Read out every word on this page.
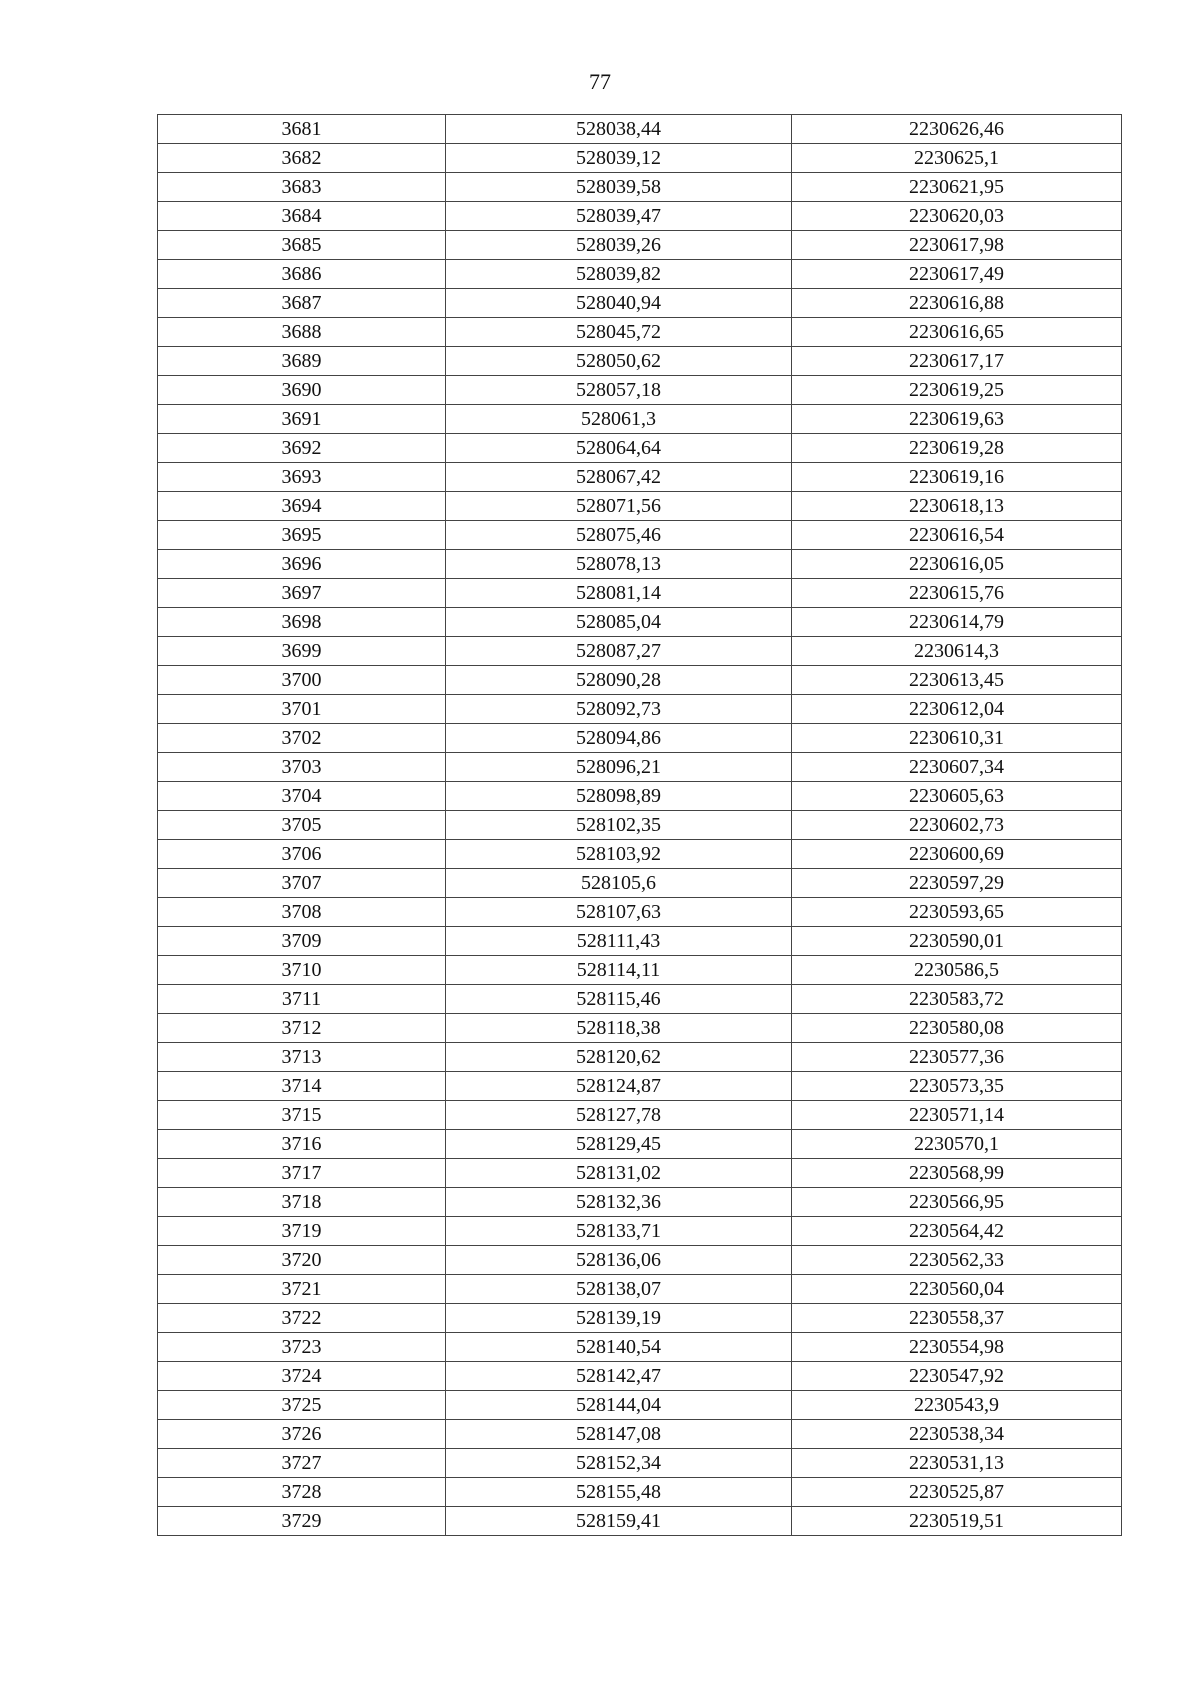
77
3681	528038,44	2230626,46
3682	528039,12	2230625,1
3683	528039,58	2230621,95
3684	528039,47	2230620,03
3685	528039,26	2230617,98
3686	528039,82	2230617,49
3687	528040,94	2230616,88
3688	528045,72	2230616,65
3689	528050,62	2230617,17
3690	528057,18	2230619,25
3691	528061,3	2230619,63
3692	528064,64	2230619,28
3693	528067,42	2230619,16
3694	528071,56	2230618,13
3695	528075,46	2230616,54
3696	528078,13	2230616,05
3697	528081,14	2230615,76
3698	528085,04	2230614,79
3699	528087,27	2230614,3
3700	528090,28	2230613,45
3701	528092,73	2230612,04
3702	528094,86	2230610,31
3703	528096,21	2230607,34
3704	528098,89	2230605,63
3705	528102,35	2230602,73
3706	528103,92	2230600,69
3707	528105,6	2230597,29
3708	528107,63	2230593,65
3709	528111,43	2230590,01
3710	528114,11	2230586,5
3711	528115,46	2230583,72
3712	528118,38	2230580,08
3713	528120,62	2230577,36
3714	528124,87	2230573,35
3715	528127,78	2230571,14
3716	528129,45	2230570,1
3717	528131,02	2230568,99
3718	528132,36	2230566,95
3719	528133,71	2230564,42
3720	528136,06	2230562,33
3721	528138,07	2230560,04
3722	528139,19	2230558,37
3723	528140,54	2230554,98
3724	528142,47	2230547,92
3725	528144,04	2230543,9
3726	528147,08	2230538,34
3727	528152,34	2230531,13
3728	528155,48	2230525,87
3729	528159,41	2230519,51
